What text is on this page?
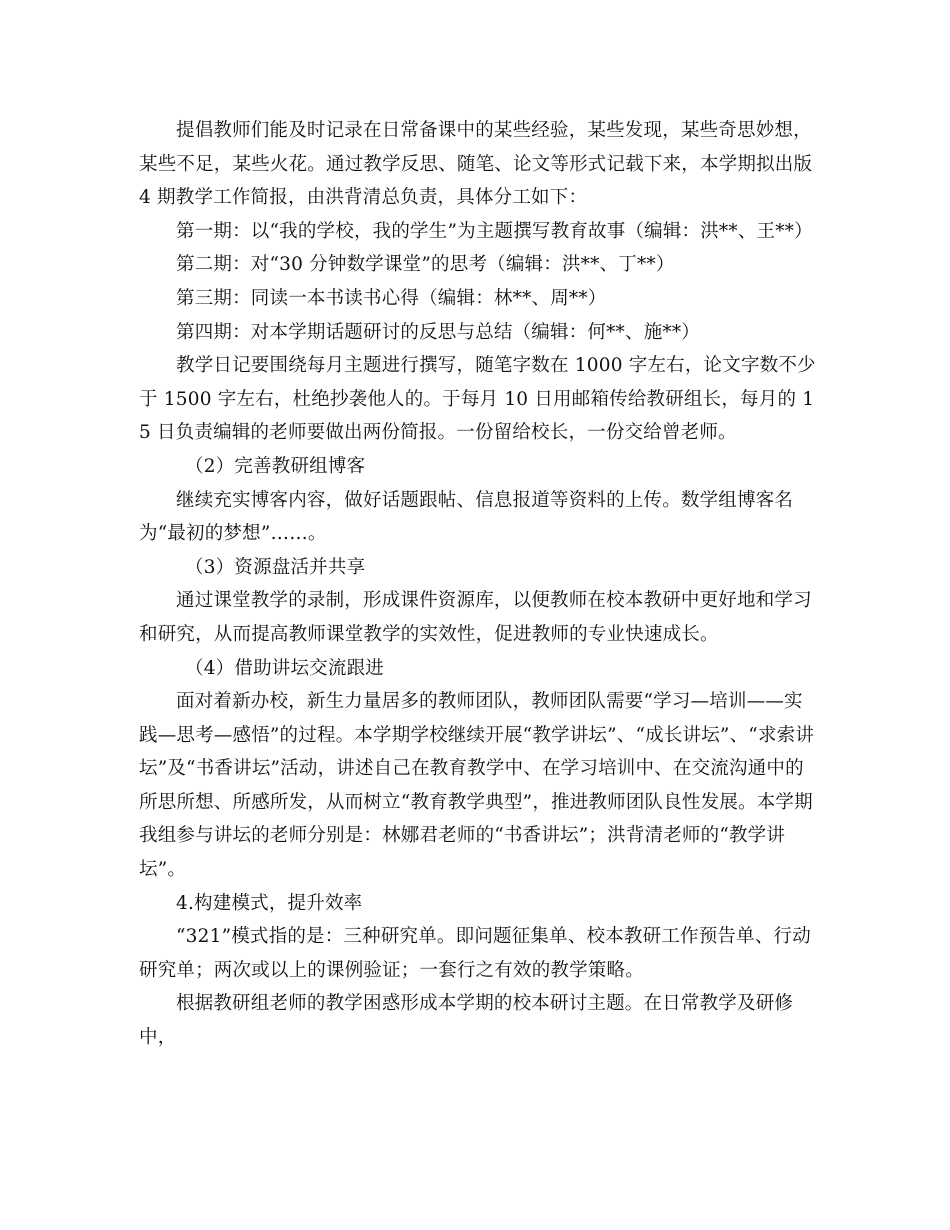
提倡教师们能及时记录在日常备课中的某些经验，某些发现，某些奇思妙想，某些不足，某些火花。通过教学反思、随笔、论文等形式记载下来，本学期拟出版 4 期教学工作简报，由洪背清总负责，具体分工如下：

第一期：以“我的学校，我的学生”为主题撰写教育故事（编辑：洪**、王**）

第二期：对“30 分钟数学课堂”的思考（编辑：洪**、丁**）

第三期：同读一本书读书心得（编辑：林**、周**）

第四期：对本学期话题研讨的反思与总结（编辑：何**、施**）

教学日记要围绕每月主题进行撰写，随笔字数在 1000 字左右，论文字数不少于 1500 字左右，杜绝抄袭他人的。于每月 10 日用邮箱传给教研组长，每月的 15 日负责编辑的老师要做出两份简报。一份留给校长，一份交给曾老师。

（2）完善教研组博客

继续充实博客内容，做好话题跟帖、信息报道等资料的上传。数学组博客名为“最初的梦想”……。

（3）资源盘活并共享

通过课堂教学的录制，形成课件资源库，以便教师在校本教研中更好地和学习和研究，从而提高教师课堂教学的实效性，促进教师的专业快速成长。

（4）借助讲坛交流跟进

面对着新办校，新生力量居多的教师团队，教师团队需要“学习—培训——实践—思考—感悟”的过程。本学期学校继续开展“教学讲坛”、“成长讲坛”、“求索讲坛”及“书香讲坛”活动，讲述自己在教育教学中、在学习培训中、在交流沟通中的所思所想、所感所发，从而树立“教育教学典型”，推进教师团队良性发展。本学期我组参与讲坛的老师分别是：林娜君老师的“书香讲坛”；洪背清老师的“教学讲坛”。

4.构建模式，提升效率

“321”模式指的是：三种研究单。即问题征集单、校本教研工作预告单、行动研究单；两次或以上的课例验证；一套行之有效的教学策略。

根据教研组老师的教学困惑形成本学期的校本研讨主题。在日常教学及研修中，
